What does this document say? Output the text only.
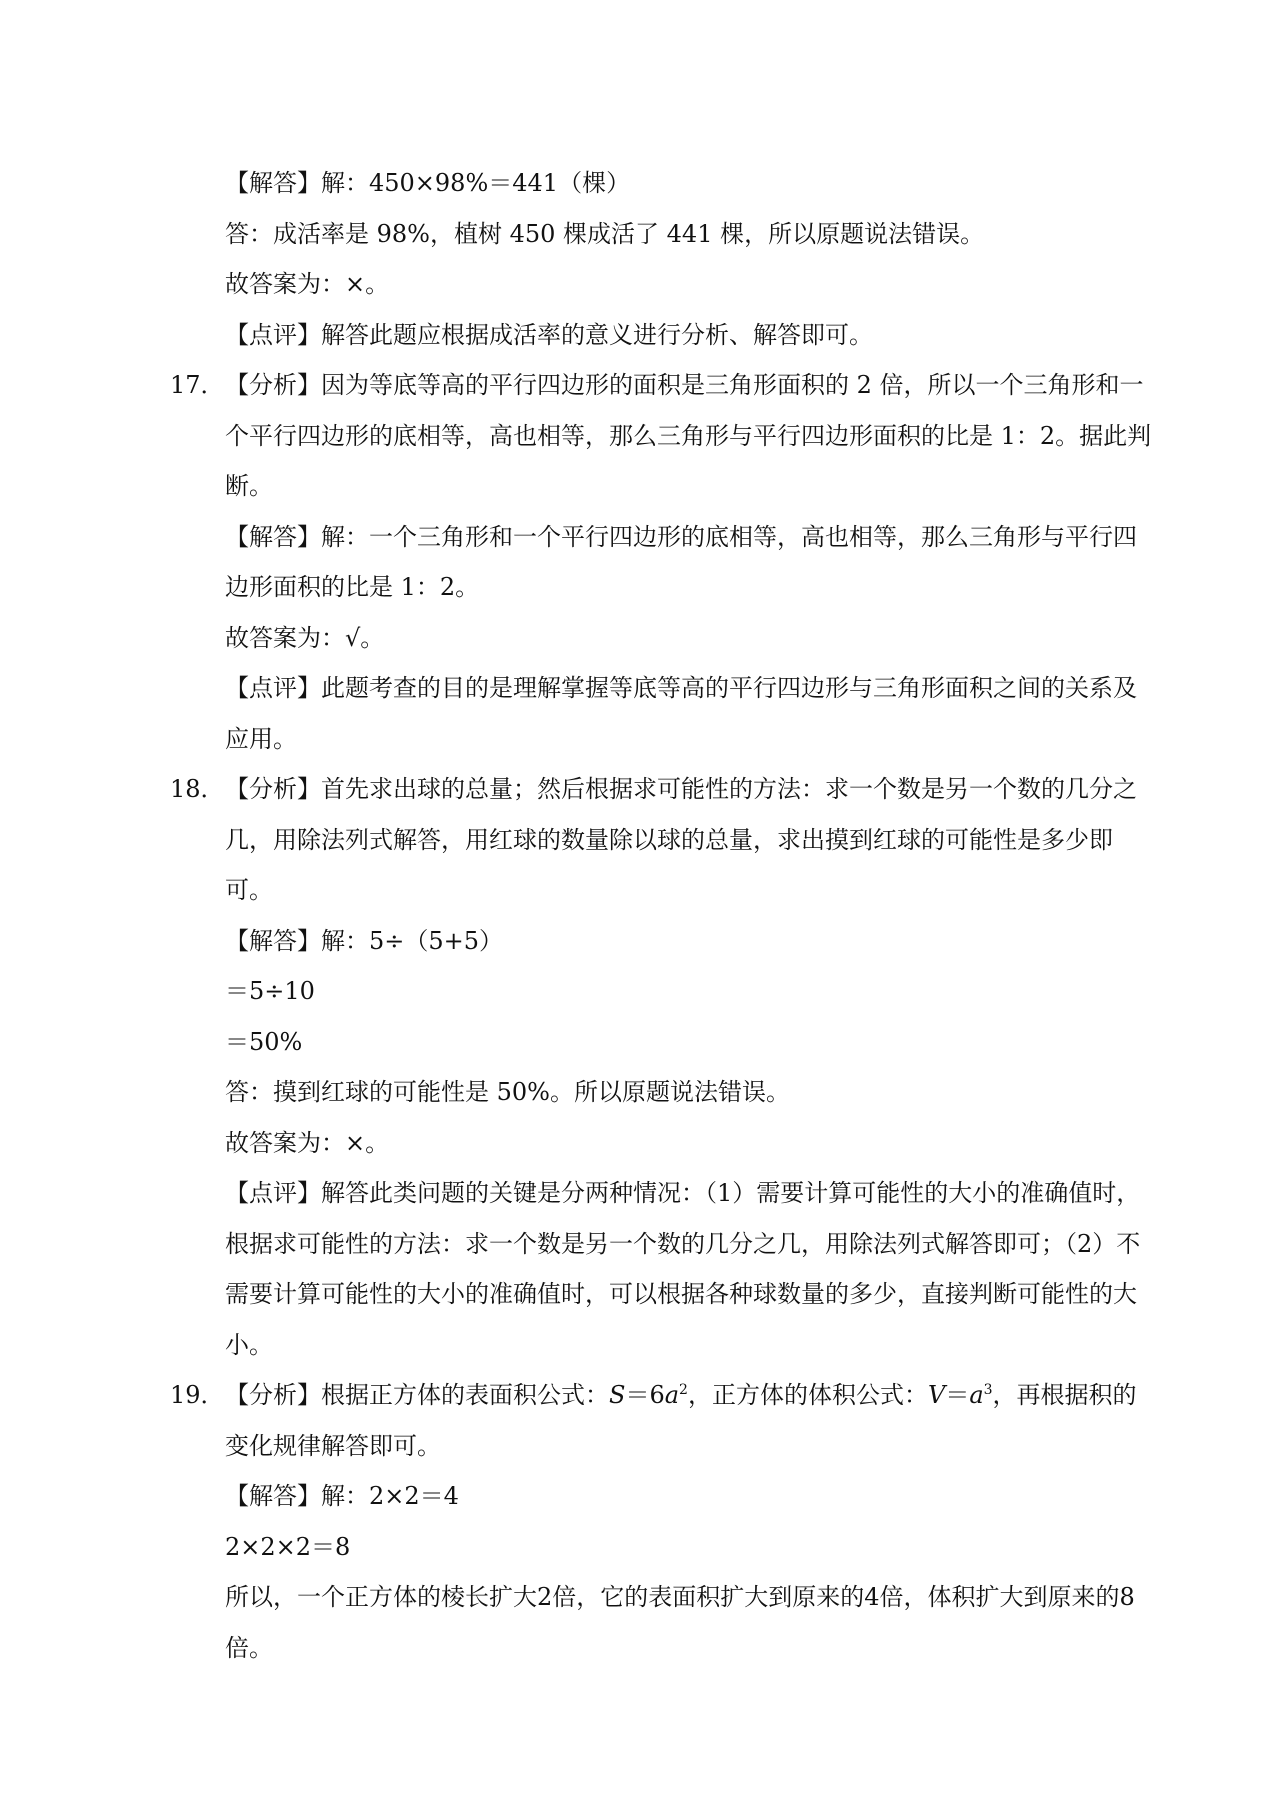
【解答】解：450×98%＝441（棵）
答：成活率是 98%，植树 450 棵成活了 441 棵，所以原题说法错误。
故答案为：×。
【点评】解答此题应根据成活率的意义进行分析、解答即可。
17．【分析】因为等底等高的平行四边形的面积是三角形面积的 2 倍，所以一个三角形和一
个平行四边形的底相等，高也相等，那么三角形与平行四边形面积的比是 1：2。据此判
断。
【解答】解：一个三角形和一个平行四边形的底相等，高也相等，那么三角形与平行四
边形面积的比是 1：2。
故答案为：√。
【点评】此题考查的目的是理解掌握等底等高的平行四边形与三角形面积之间的关系及
应用。
18．【分析】首先求出球的总量；然后根据求可能性的方法：求一个数是另一个数的几分之
几，用除法列式解答，用红球的数量除以球的总量，求出摸到红球的可能性是多少即
可。
【解答】解：5÷（5+5）
＝5÷10
＝50%
答：摸到红球的可能性是 50%。所以原题说法错误。
故答案为：×。
【点评】解答此类问题的关键是分两种情况：（1）需要计算可能性的大小的准确值时，
根据求可能性的方法：求一个数是另一个数的几分之几，用除法列式解答即可；（2）不
需要计算可能性的大小的准确值时，可以根据各种球数量的多少，直接判断可能性的大
小。
19．【分析】根据正方体的表面积公式：$S=6a^2$，正方体的体积公式：$V=a^3$，再根据积的
变化规律解答即可。
【解答】解：2×2＝4
2×2×2＝8
所以，一个正方体的棱长扩大2倍，它的表面积扩大到原来的4倍，体积扩大到原来的8
倍。
